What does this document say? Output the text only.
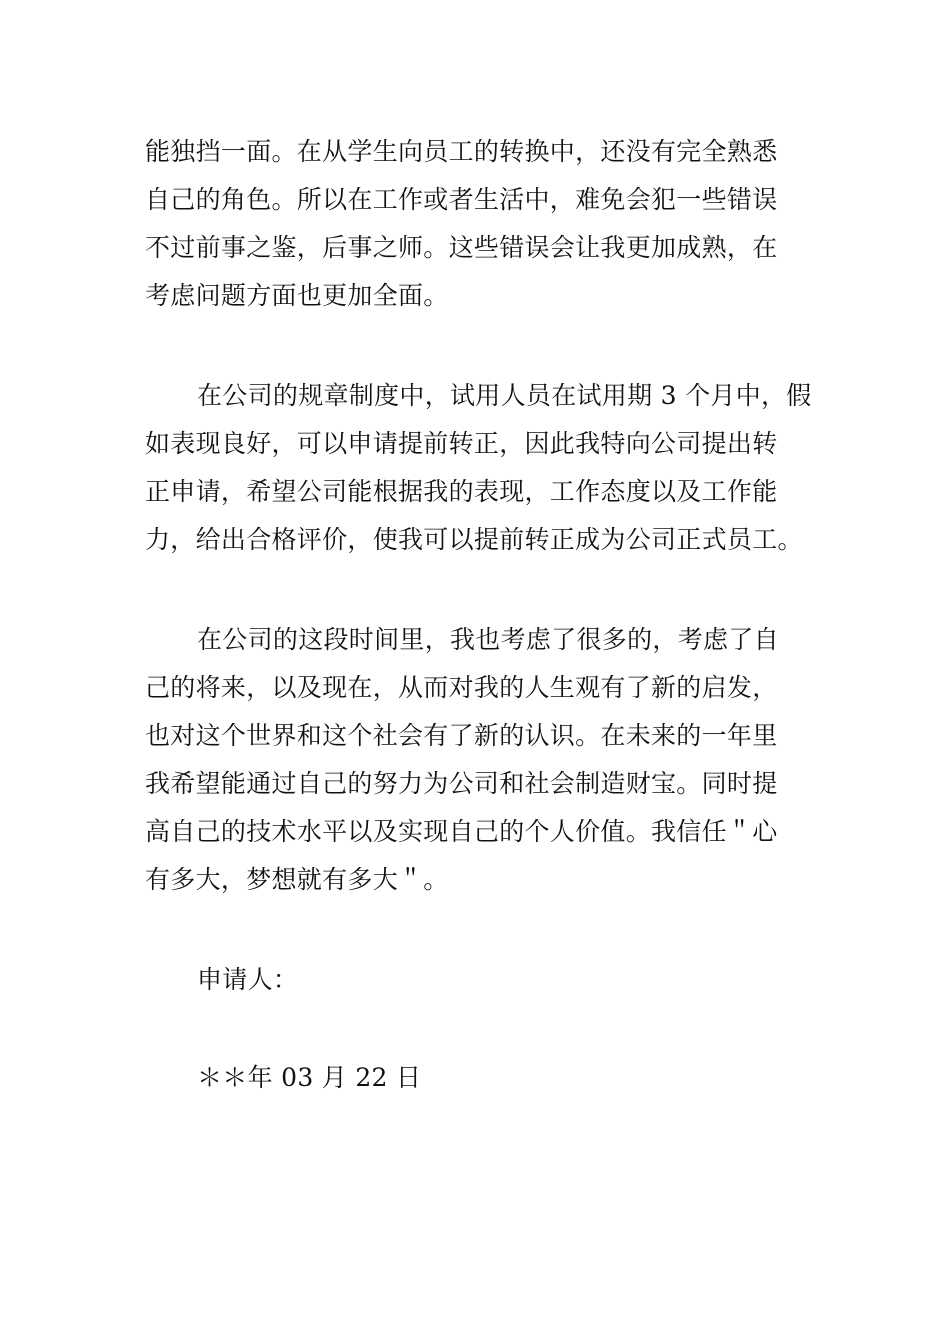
能独挡一面。在从学生向员工的转换中，还没有完全熟悉
自己的角色。所以在工作或者生活中，难免会犯一些错误
不过前事之鉴，后事之师。这些错误会让我更加成熟，在
考虑问题方面也更加全面。
在公司的规章制度中，试用人员在试用期 3 个月中，假
如表现良好，可以申请提前转正，因此我特向公司提出转
正申请，希望公司能根据我的表现，工作态度以及工作能
力，给出合格评价，使我可以提前转正成为公司正式员工。
在公司的这段时间里，我也考虑了很多的，考虑了自
己的将来，以及现在，从而对我的人生观有了新的启发，
也对这个世界和这个社会有了新的认识。在未来的一年里
我希望能通过自己的努力为公司和社会制造财宝。同时提
高自己的技术水平以及实现自己的个人价值。我信任＂心
有多大，梦想就有多大＂。
申请人：
＊＊年 03 月 22 日
